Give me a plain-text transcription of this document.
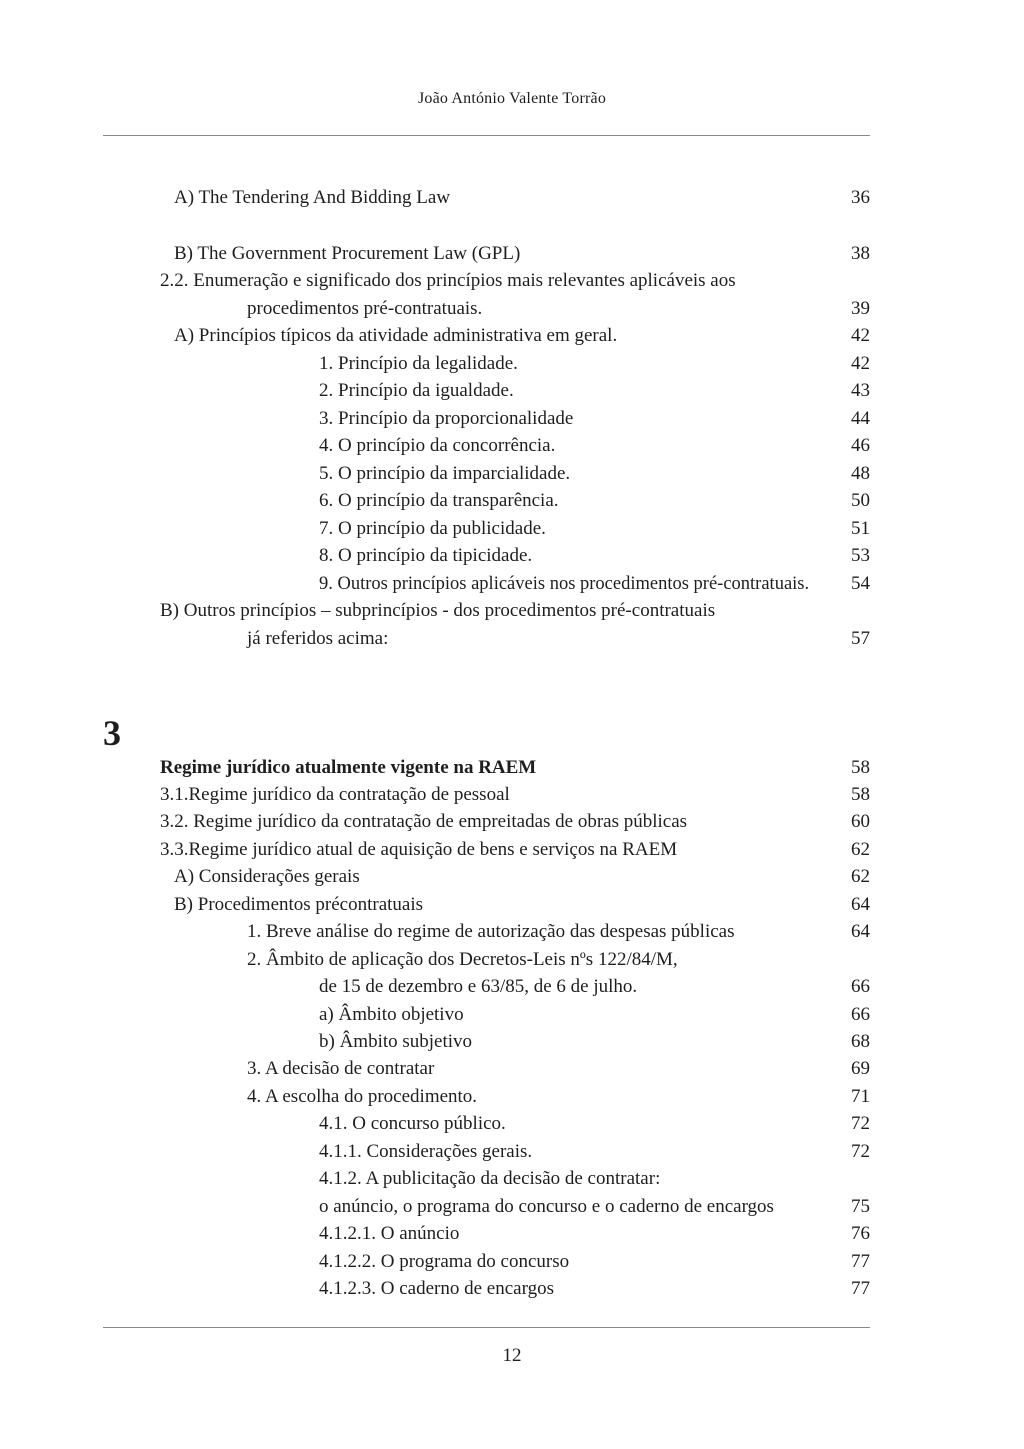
João António Valente Torrão
A) The Tendering And Bidding Law	36
B) The Government Procurement Law (GPL)	38
2.2. Enumeração e significado dos princípios mais relevantes aplicáveis aos
procedimentos pré-contratuais.	39
A) Princípios típicos da atividade administrativa em geral.	42
1. Princípio da legalidade.	42
2. Princípio da igualdade.	43
3. Princípio da proporcionalidade	44
4. O princípio da concorrência.	46
5. O princípio da imparcialidade.	48
6. O princípio da transparência.	50
7. O princípio da publicidade.	51
8. O princípio da tipicidade.	53
9. Outros princípios aplicáveis nos procedimentos pré-contratuais. 54
B) Outros princípios – subprincípios - dos procedimentos pré-contratuais
já referidos acima:	57
3
Regime jurídico atualmente vigente na RAEM	58
3.1.Regime jurídico da contratação de pessoal	58
3.2. Regime jurídico da contratação de empreitadas de obras públicas	60
3.3.Regime jurídico atual de aquisição de bens e serviços na RAEM	62
A) Considerações gerais	62
B) Procedimentos précontratuais	64
1. Breve análise do regime de autorização das despesas públicas	64
2. Âmbito de aplicação dos Decretos-Leis nºs 122/84/M,
de 15 de dezembro e 63/85, de 6 de julho.	66
a) Âmbito objetivo	66
b) Âmbito subjetivo	68
3. A decisão de contratar	69
4. A escolha do procedimento.	71
4.1. O concurso público.	72
4.1.1. Considerações gerais.	72
4.1.2. A publicitação da decisão de contratar:
o anúncio, o programa do concurso e o caderno de encargos	75
4.1.2.1. O anúncio	76
4.1.2.2. O programa do concurso	77
4.1.2.3. O caderno de encargos	77
12
